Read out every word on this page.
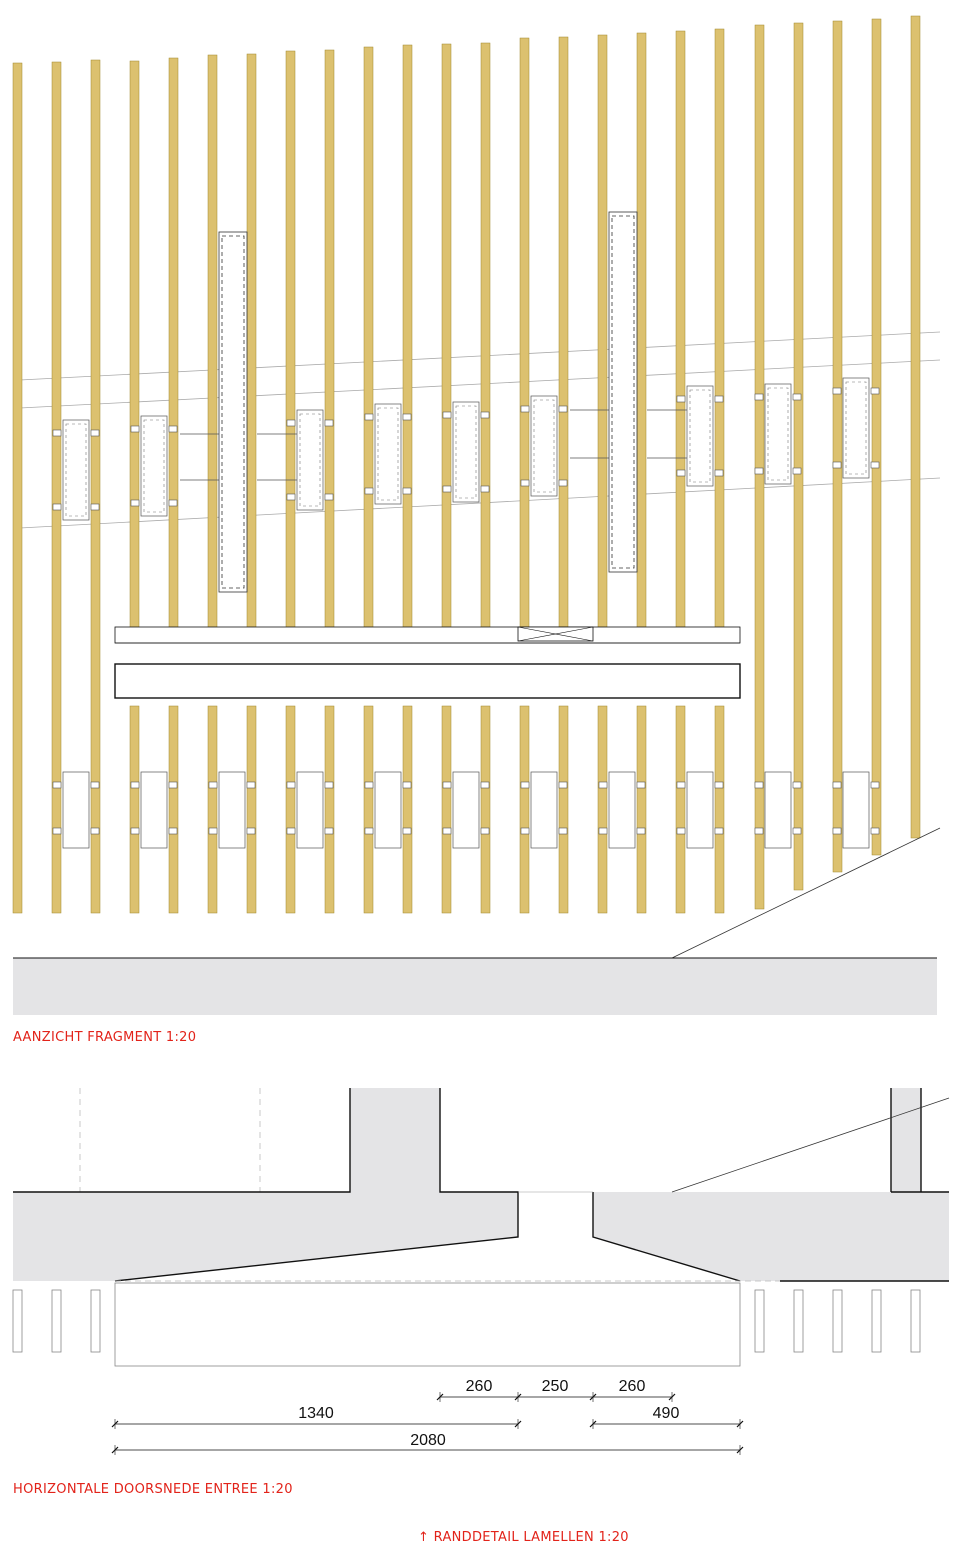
260	250	260
1340	490
2080
AANZICHT FRAGMENT 1:20
HORIZONTALE DOORSNEDE ENTREE 1:20
↑ RANDDETAIL LAMELLEN 1:20
